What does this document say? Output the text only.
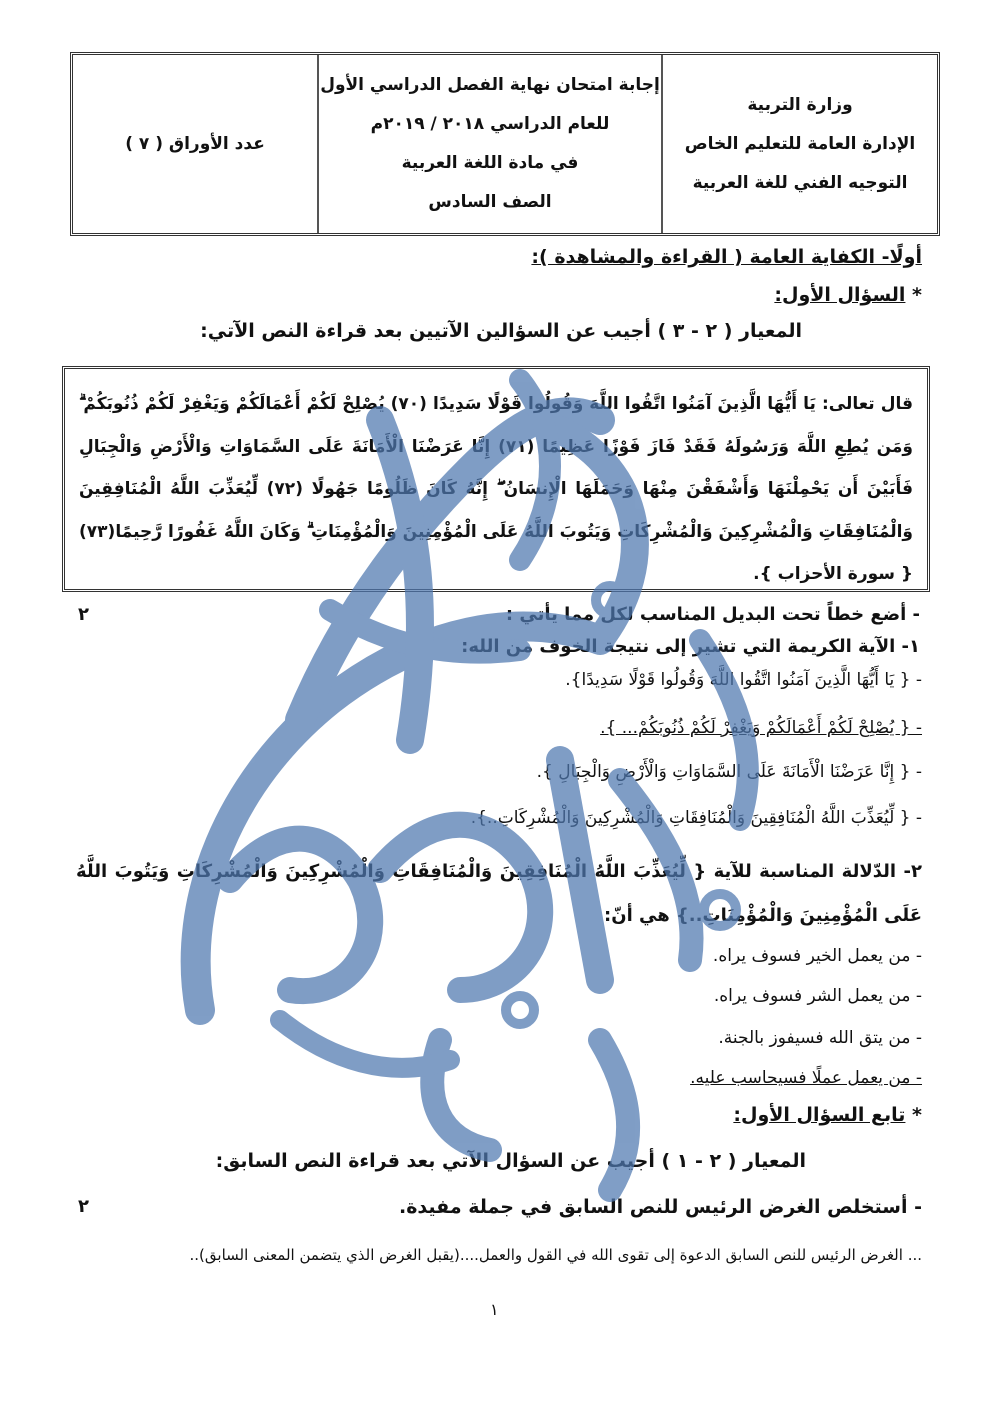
وزارة التربية
الإدارة العامة للتعليم الخاص
التوجيه الفني للغة العربية
إجابة امتحان نهاية الفصل الدراسي الأول
للعام الدراسي ٢٠١٨ / ٢٠١٩م
في مادة اللغة العربية
الصف السادس
عدد الأوراق ( ٧ )
أولًا- الكفاية العامة ( القراءة والمشاهدة ):
* السؤال الأول:
المعيار ( ٢ - ٣ ) أجيب عن السؤالين الآتيين بعد قراءة النص الآتي:
قال تعالى: يَا أَيُّهَا الَّذِينَ آمَنُوا اتَّقُوا اللَّهَ وَقُولُوا قَوْلًا سَدِيدًا (٧٠) يُصْلِحْ لَكُمْ أَعْمَالَكُمْ وَيَغْفِرْ لَكُمْ ذُنُوبَكُمْ ۗ وَمَن يُطِعِ اللَّهَ وَرَسُولَهُ فَقَدْ فَازَ فَوْزًا عَظِيمًا (٧١) إِنَّا عَرَضْنَا الْأَمَانَةَ عَلَى السَّمَاوَاتِ وَالْأَرْضِ وَالْجِبَالِ فَأَبَيْنَ أَن يَحْمِلْنَهَا وَأَشْفَقْنَ مِنْهَا وَحَمَلَهَا الْإِنسَانُ ۖ إِنَّهُ كَانَ ظَلُومًا جَهُولًا (٧٢) لِّيُعَذِّبَ اللَّهُ الْمُنَافِقِينَ وَالْمُنَافِقَاتِ وَالْمُشْرِكِينَ وَالْمُشْرِكَاتِ وَيَتُوبَ اللَّهُ عَلَى الْمُؤْمِنِينَ وَالْمُؤْمِنَاتِ ۗ وَكَانَ اللَّهُ غَفُورًا رَّحِيمًا(٧٣) { سورة الأحزاب }.
- أضع خطاً تحت البديل المناسب لكل مما يأتي :
٢
١- الآية الكريمة التي تشير إلى نتيجة الخوف من الله:
- { يَا أَيُّهَا الَّذِينَ آمَنُوا اتَّقُوا اللَّهَ وَقُولُوا قَوْلًا سَدِيدًا}.
- { يُصْلِحْ لَكُمْ أَعْمَالَكُمْ وَيَغْفِرْ لَكُمْ ذُنُوبَكُمْ... }.
- { إِنَّا عَرَضْنَا الْأَمَانَةَ عَلَى السَّمَاوَاتِ وَالْأَرْضِ وَالْجِبَالِ }.
- { لِّيُعَذِّبَ اللَّهُ الْمُنَافِقِينَ وَالْمُنَافِقَاتِ وَالْمُشْرِكِينَ وَالْمُشْرِكَاتِ..}.
٢- الدّلالة المناسبة للآية { لِّيُعَذِّبَ اللَّهُ الْمُنَافِقِينَ وَالْمُنَافِقَاتِ وَالْمُشْرِكِينَ وَالْمُشْرِكَاتِ وَيَتُوبَ اللَّهُ عَلَى الْمُؤْمِنِينَ وَالْمُؤْمِنَاتِ..} هي أنّ:
- من يعمل الخير فسوف يراه.
- من يعمل الشر فسوف يراه.
- من يتق الله فسيفوز بالجنة.
- من يعمل عملًا فسيحاسب عليه.
* تابع السؤال الأول:
المعيار ( ٢ - ١ ) أجيب عن السؤال الآتي بعد قراءة النص السابق:
- أستخلص الغرض الرئيس للنص السابق في جملة مفيدة.
٢
... الغرض الرئيس للنص السابق الدعوة إلى تقوى الله في القول والعمل....(يقبل الغرض الذي يتضمن المعنى السابق)..
١
